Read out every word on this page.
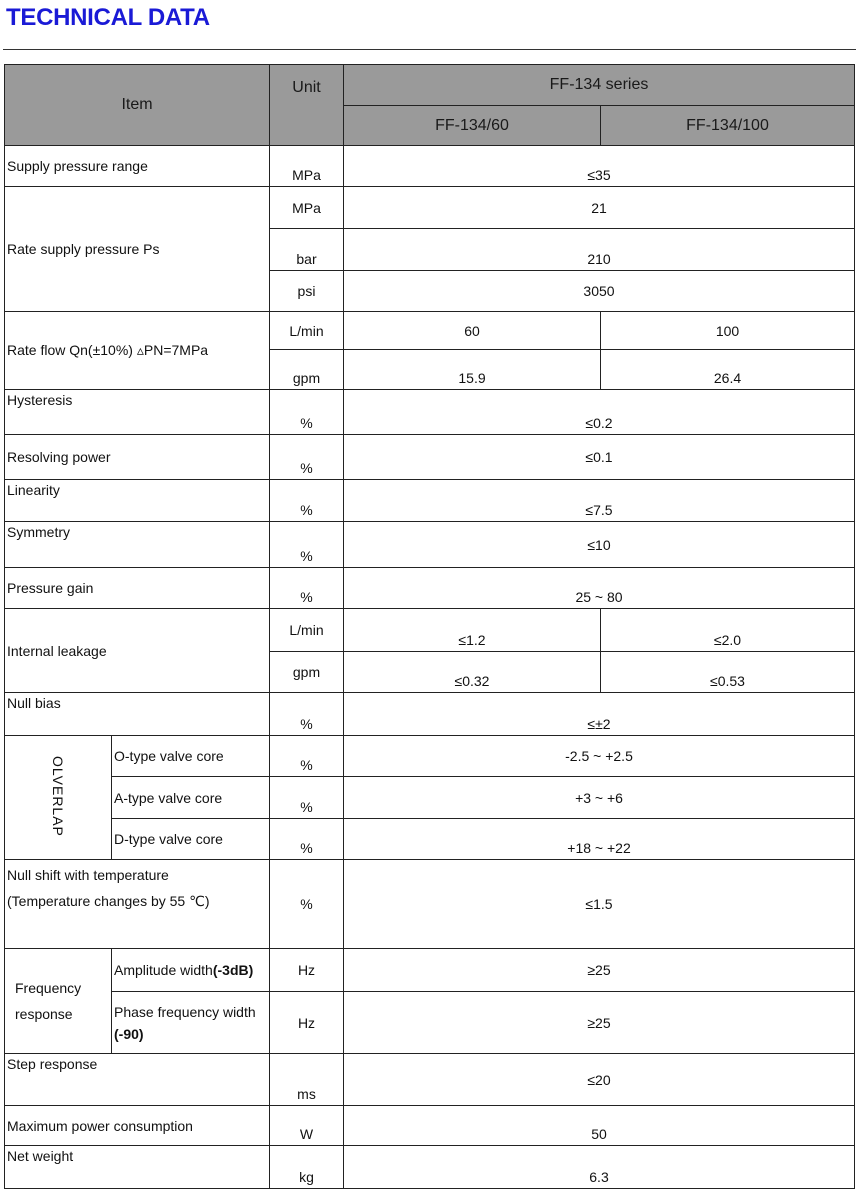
TECHNICAL DATA
Item		Unit	FF-134 series	
			FF-134/60	FF-134/100
Supply pressure range		MPa	≤35	
Rate supply pressure Ps		MPa	21	
		bar	210	
		psi	3050	
Rate flow Qn(±10%) ▵PN=7MPa		L/min	60	100
		gpm	15.9	26.4
Hysteresis		%	≤0.2	
Resolving power		%	≤0.1	
Linearity		%	≤7.5	
Symmetry		%	≤10	
Pressure gain		%	25 ~ 80	
Internal leakage		L/min	≤1.2	≤2.0
		gpm	≤0.32	≤0.53
Null bias		%	≤±2	
OLVERLAP	O-type valve core	%	-2.5 ~ +2.5	
	A-type valve core	%	+3 ~ +6	
	D-type valve core	%	+18 ~ +22	

Null shift with temperature
(Temperature changes by 55 ℃)		%	≤1.5	

Frequency
response	Amplitude width(-3dB)	Hz	≥25	
	Phase frequency width
(-90)	Hz	≥25	
Step response		ms	≤20	
Maximum power consumption		W	50	
Net weight		kg	6.3	
